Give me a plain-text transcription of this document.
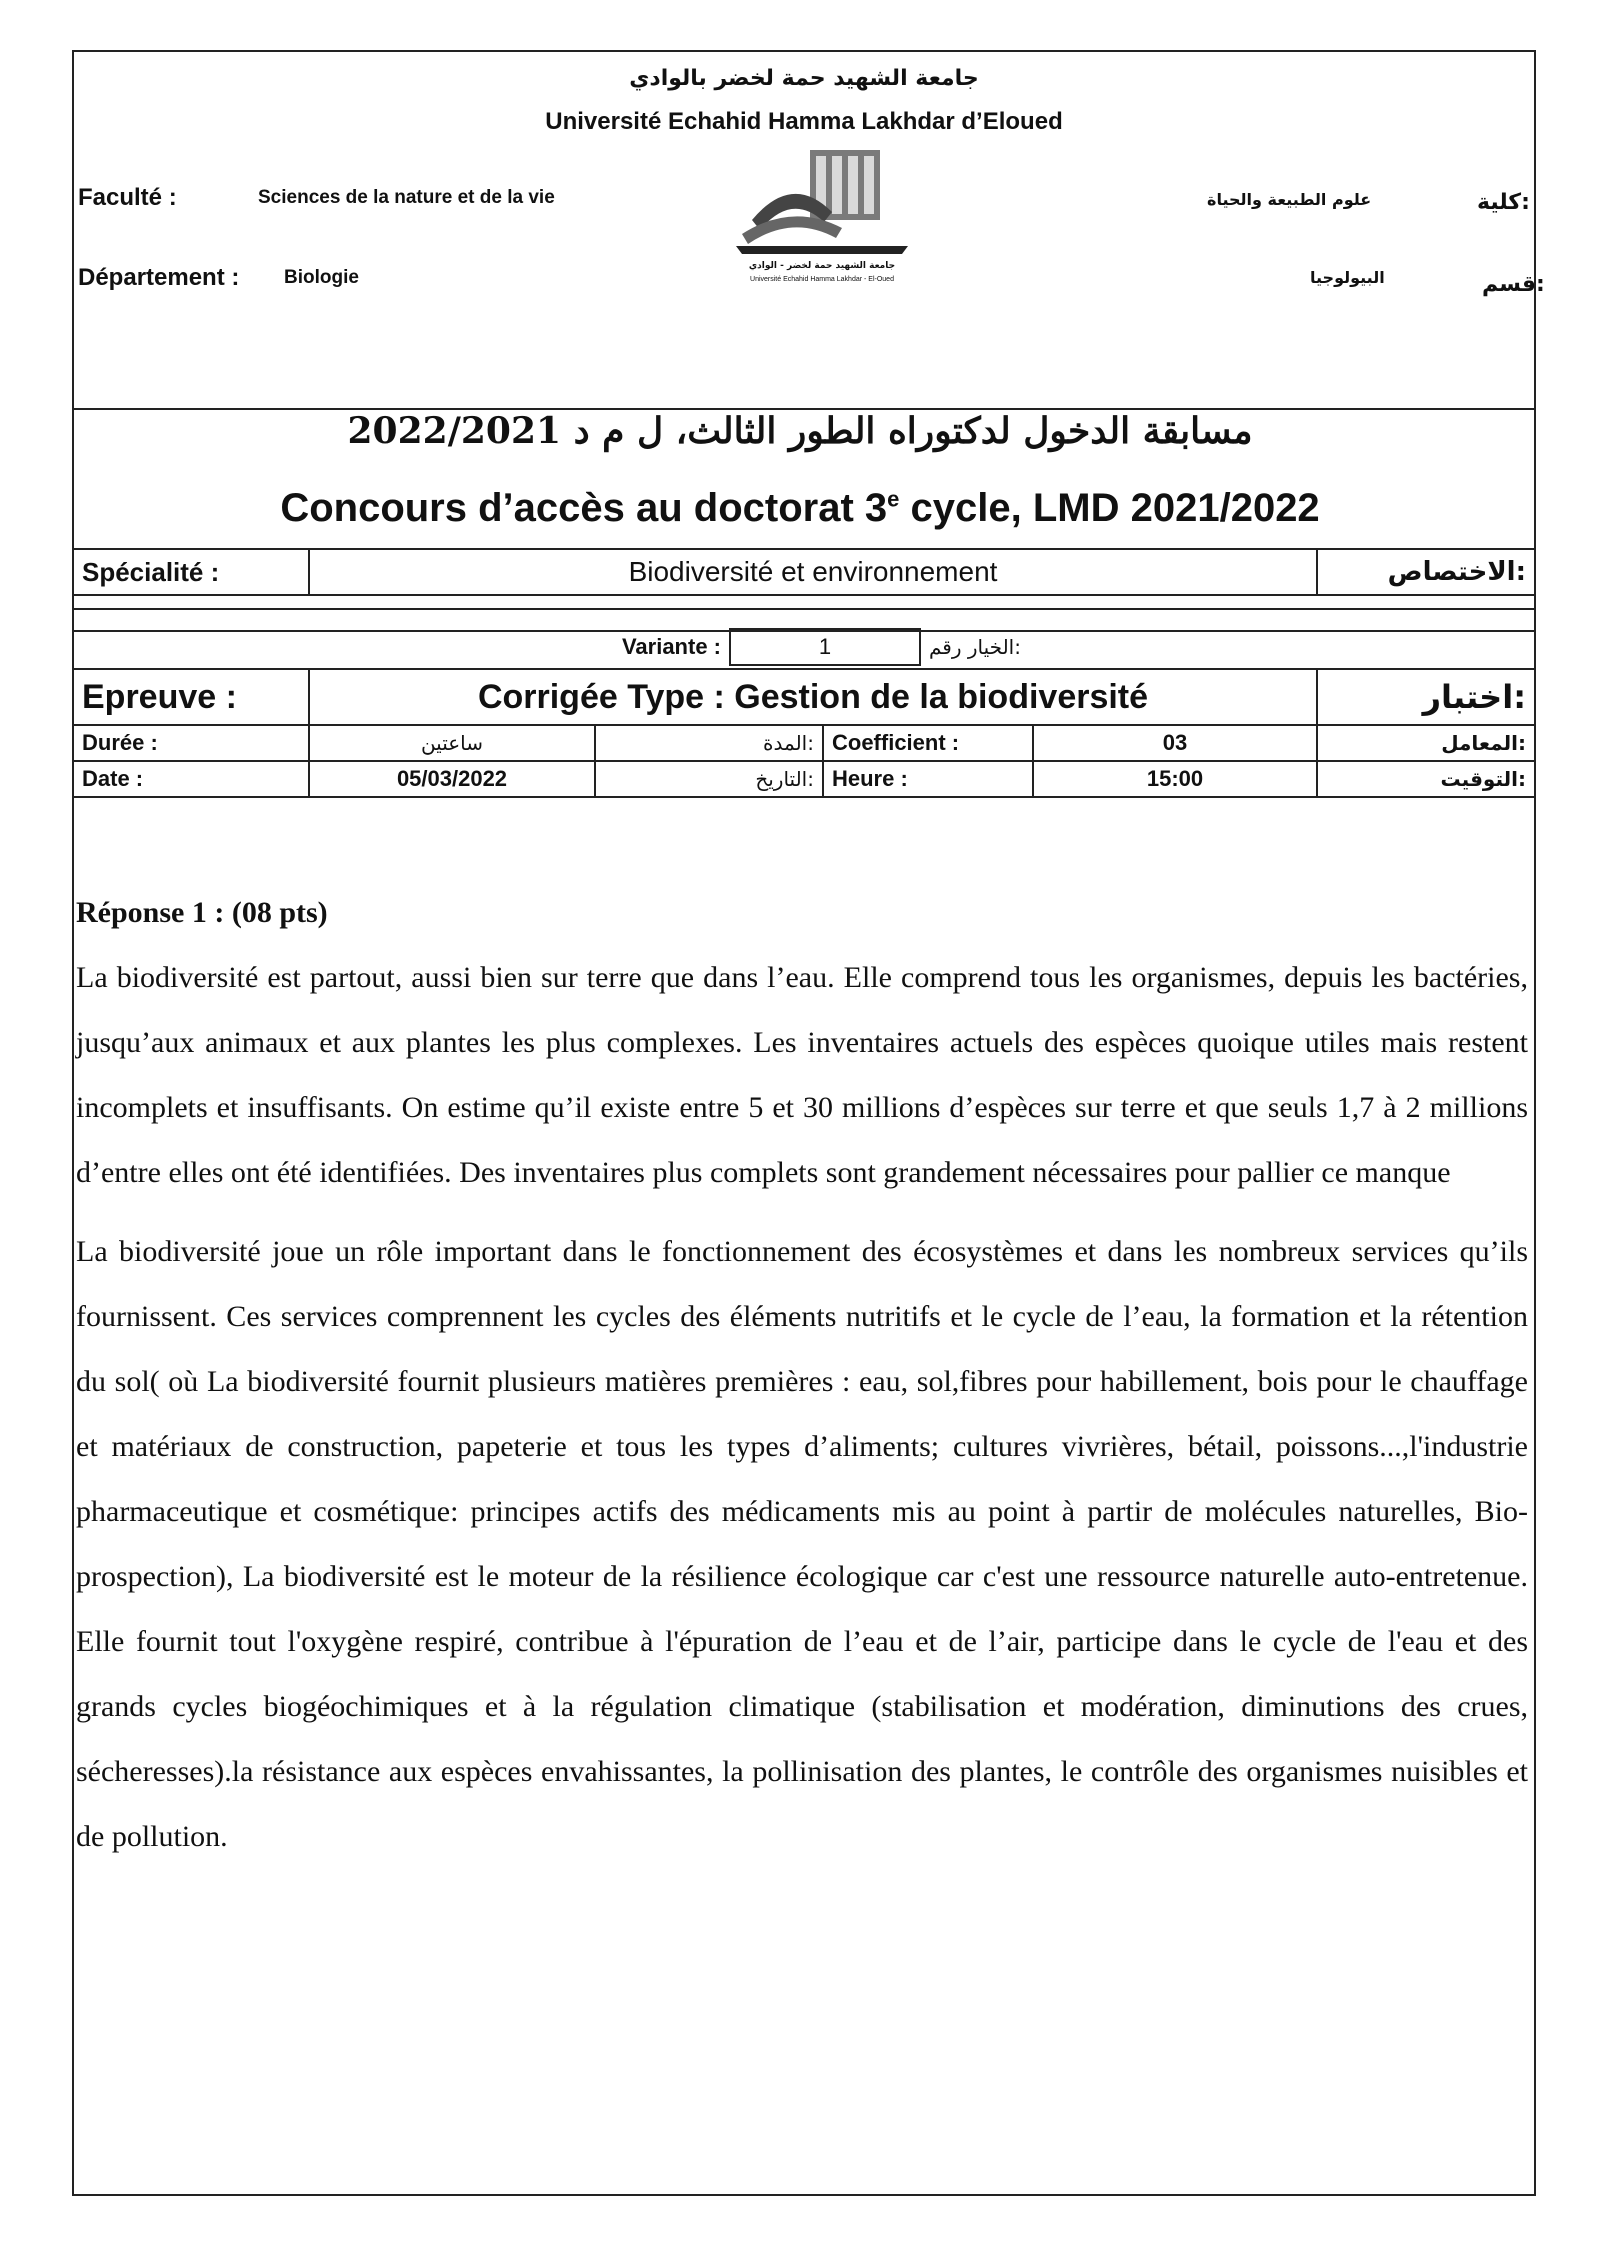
جامعة الشهيد حمة لخضر بالوادي
Université Echahid Hamma Lakhdar d’Eloued
Faculté :	Sciences de la nature et de la vie	علوم الطبيعة والحياة	كلية:
Département : Biologie	البيولوجيا	قسم:
جامعة الشهيد حمة لخضر - الوادي
Université Echahid Hamma Lakhdar - El-Oued
مسابقة الدخول لدكتوراه الطور الثالث، ل م د 2022/2021
Concours d’accès au doctorat 3e cycle, LMD 2021/2022
Spécialité :	Biodiversité et environnement	الاختصاص:
Variante :	1	الخيار رقم:
Epreuve :	Corrigée Type : Gestion de la biodiversité				اختبار:
Durée :	ساعتين	المدة:	Coefficient :	03	المعامل:
Date :	05/03/2022	التاريخ:	Heure :	15:00	التوقيت:

Réponse 1 : (08 pts)

La biodiversité est partout, aussi bien sur terre que dans l’eau. Elle comprend tous les organismes, depuis les bactéries, jusqu’aux animaux et aux plantes les plus complexes. Les inventaires actuels des espèces quoique utiles mais restent incomplets et insuffisants. On estime qu’il existe entre 5 et 30 millions d’espèces sur terre et que seuls 1,7 à 2 millions d’entre elles ont été identifiées. Des inventaires plus complets sont grandement nécessaires pour pallier ce manque

La biodiversité joue un rôle important dans le fonctionnement des écosystèmes et dans les nombreux services qu’ils fournissent. Ces services comprennent les cycles des éléments nutritifs et le cycle de l’eau, la formation et la rétention du sol( où La biodiversité fournit plusieurs matières premières : eau, sol,fibres pour habillement, bois pour le chauffage et matériaux de construction, papeterie et tous les types d’aliments; cultures vivrières, bétail, poissons...,l'industrie pharmaceutique et cosmétique: principes actifs des médicaments mis au point à partir de molécules naturelles, Bio-prospection), La biodiversité est le moteur de la résilience écologique car c'est une ressource naturelle auto-entretenue. Elle fournit tout l'oxygène respiré, contribue à l'épuration de l’eau et de l’air, participe dans le cycle de l'eau et des grands cycles biogéochimiques et à la régulation climatique (stabilisation et modération, diminutions des crues, sécheresses).la résistance aux espèces envahissantes, la pollinisation des plantes, le contrôle des organismes nuisibles et de pollution.
